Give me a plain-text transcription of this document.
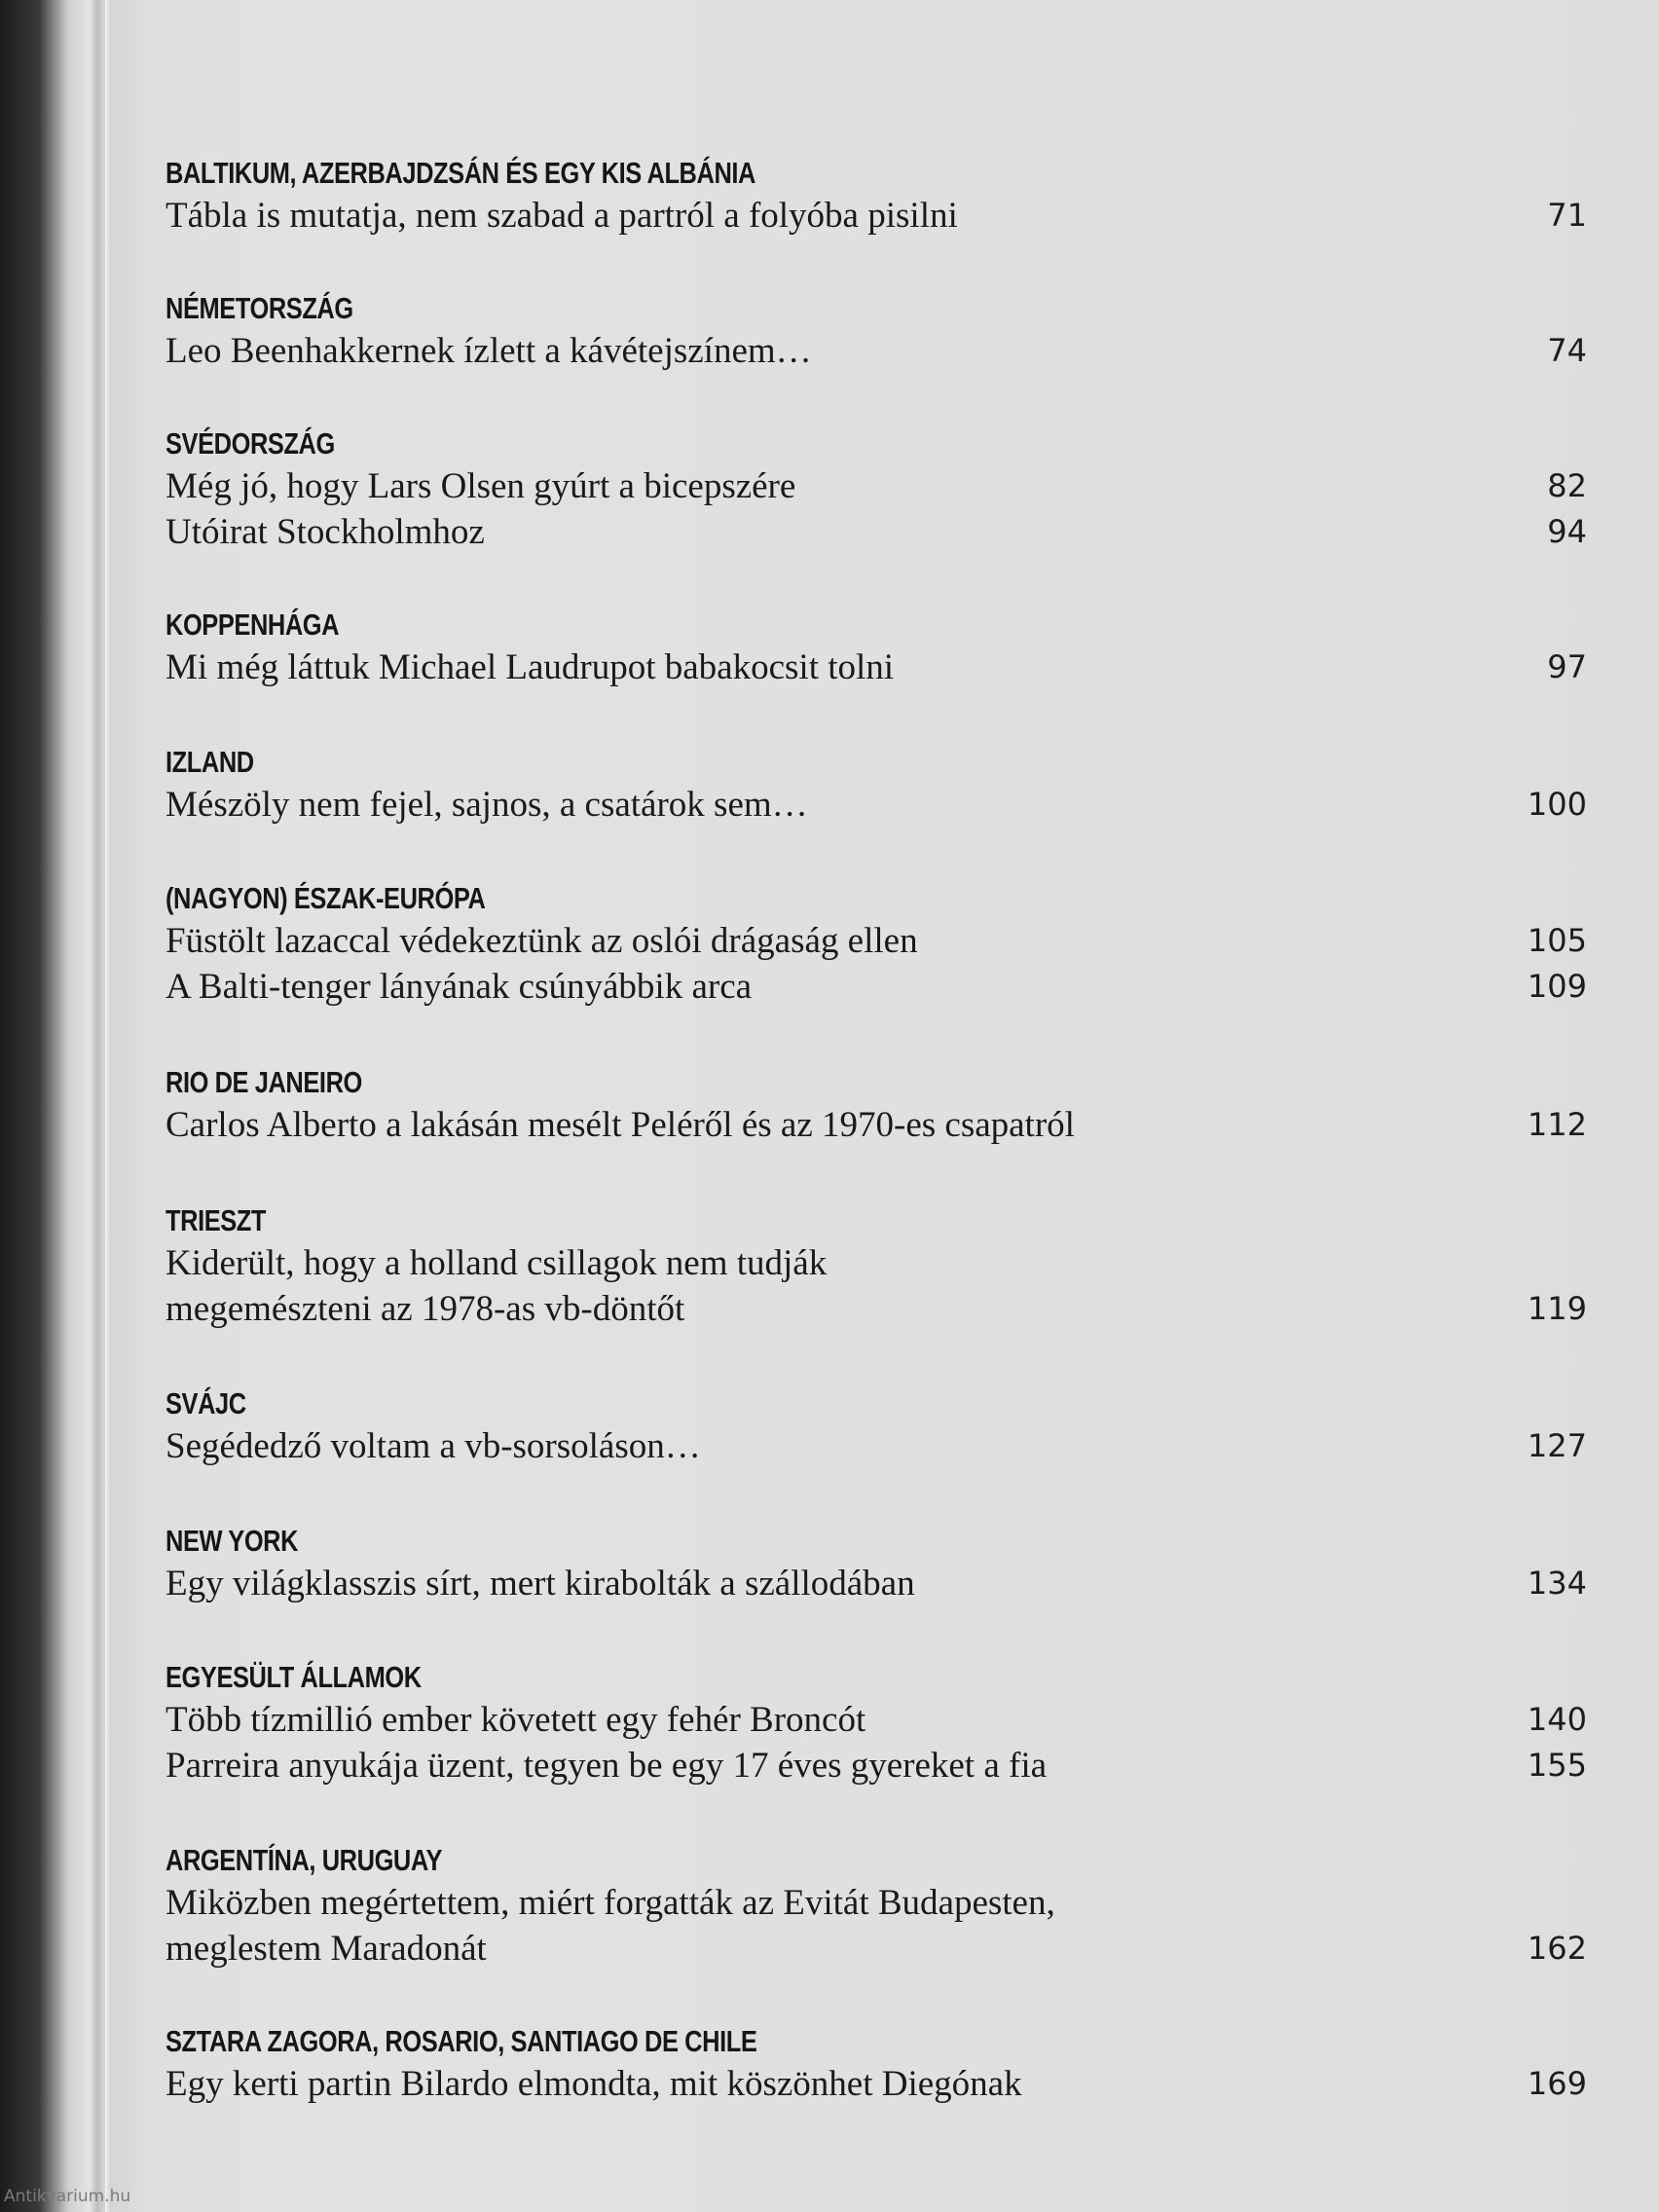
BALTIKUM, AZERBAJDZSÁN ÉS EGY KIS ALBÁNIA
Tábla is mutatja, nem szabad a partról a folyóba pisilni	71
NÉMETORSZÁG
Leo Beenhakkernek ízlett a kávétejszínem…	74
SVÉDORSZÁG
Még jó, hogy Lars Olsen gyúrt a bicepszére	82
Utóirat Stockholmhoz	94
KOPPENHÁGA
Mi még láttuk Michael Laudrupot babakocsit tolni	97
IZLAND
Mészöly nem fejel, sajnos, a csatárok sem…	100
(NAGYON) ÉSZAK-EURÓPA
Füstölt lazaccal védekeztünk az oslói drágaság ellen	105
A Balti-tenger lányának csúnyábbik arca	109
RIO DE JANEIRO
Carlos Alberto a lakásán mesélt Peléről és az 1970-es csapatról	112
TRIESZT
Kiderült, hogy a holland csillagok nem tudják
megemészteni az 1978-as vb-döntőt	119
SVÁJC
Segédedző voltam a vb-sorsoláson…	127
NEW YORK
Egy világklasszis sírt, mert kirabolták a szállodában	134
EGYESÜLT ÁLLAMOK
Több tízmillió ember követett egy fehér Broncót	140
Parreira anyukája üzent, tegyen be egy 17 éves gyereket a fia	155
ARGENTÍNA, URUGUAY
Miközben megértettem, miért forgatták az Evitát Budapesten,
meglestem Maradonát	162
SZTARA ZAGORA, ROSARIO, SANTIAGO DE CHILE
Egy kerti partin Bilardo elmondta, mit köszönhet Diegónak	169
Antikvarium.hu
